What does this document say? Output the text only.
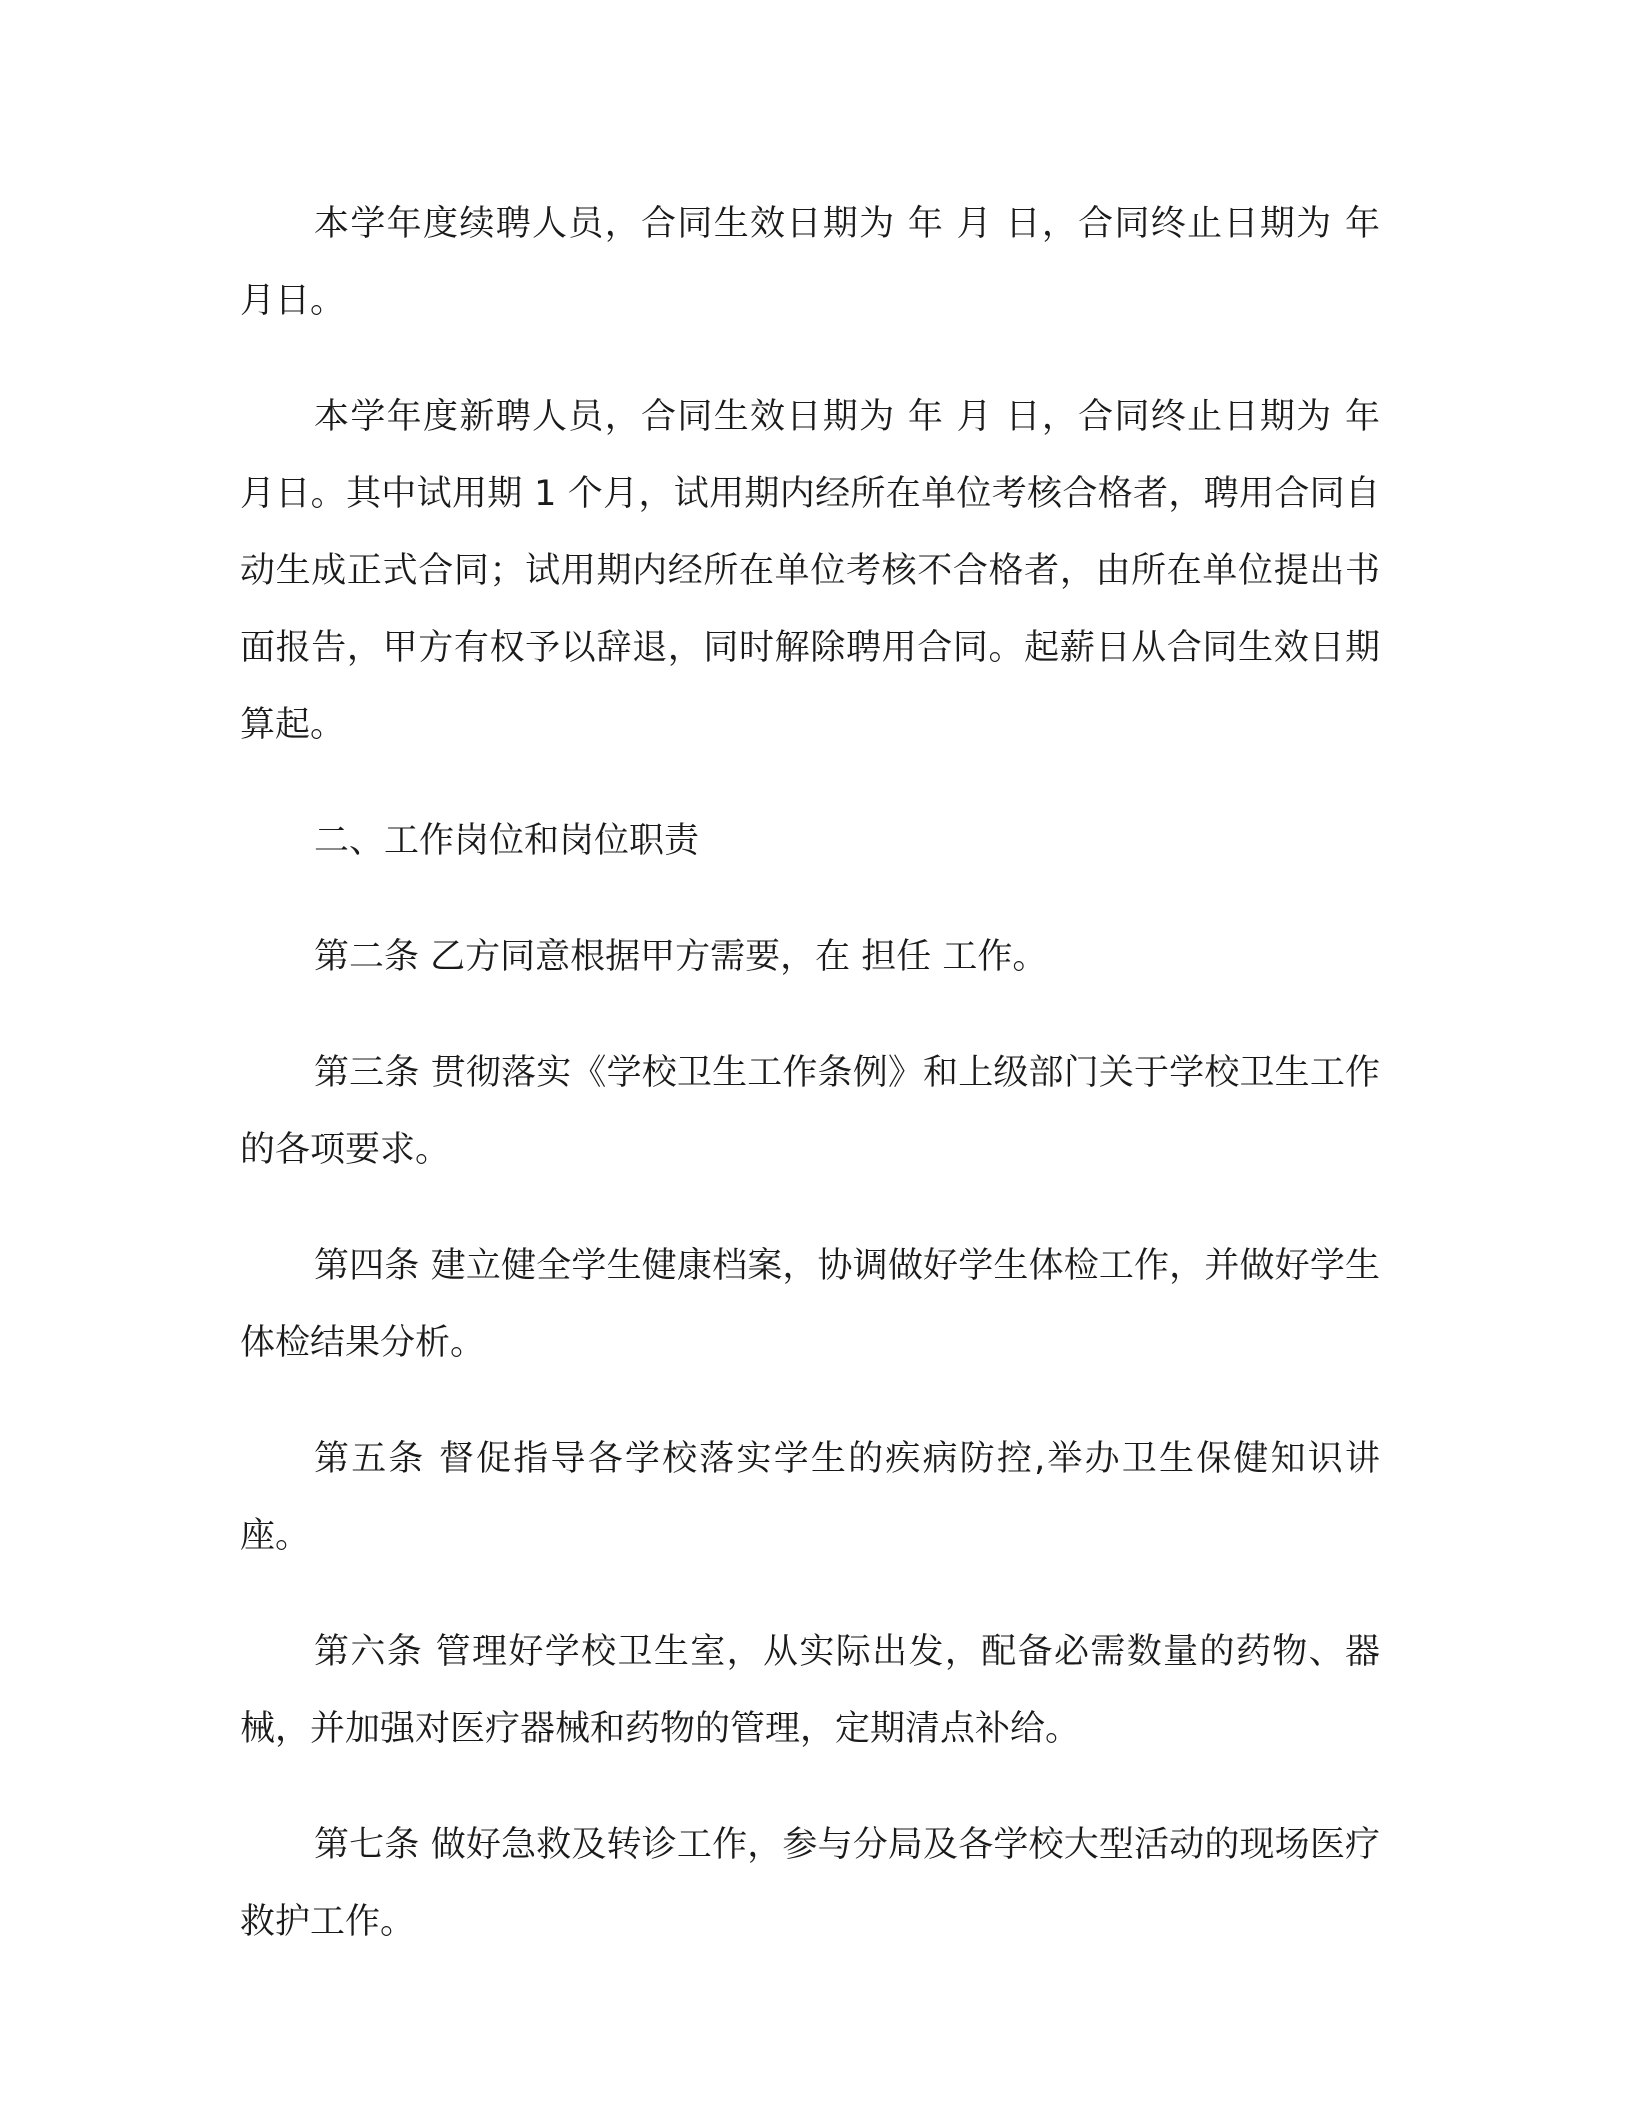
本学年度续聘人员，合同生效日期为 年 月 日，合同终止日期为 年 月日。

本学年度新聘人员，合同生效日期为 年 月 日，合同终止日期为 年 月日。其中试用期 1 个月，试用期内经所在单位考核合格者，聘用合同自动生成正式合同；试用期内经所在单位考核不合格者，由所在单位提出书面报告，甲方有权予以辞退，同时解除聘用合同。起薪日从合同生效日期算起。

二、工作岗位和岗位职责

第二条 乙方同意根据甲方需要，在 担任 工作。

第三条 贯彻落实《学校卫生工作条例》和上级部门关于学校卫生工作的各项要求。

第四条 建立健全学生健康档案，协调做好学生体检工作，并做好学生体检结果分析。

第五条 督促指导各学校落实学生的疾病防控,举办卫生保健知识讲座。

第六条 管理好学校卫生室，从实际出发，配备必需数量的药物、器械，并加强对医疗器械和药物的管理，定期清点补给。

第七条 做好急救及转诊工作，参与分局及各学校大型活动的现场医疗救护工作。
